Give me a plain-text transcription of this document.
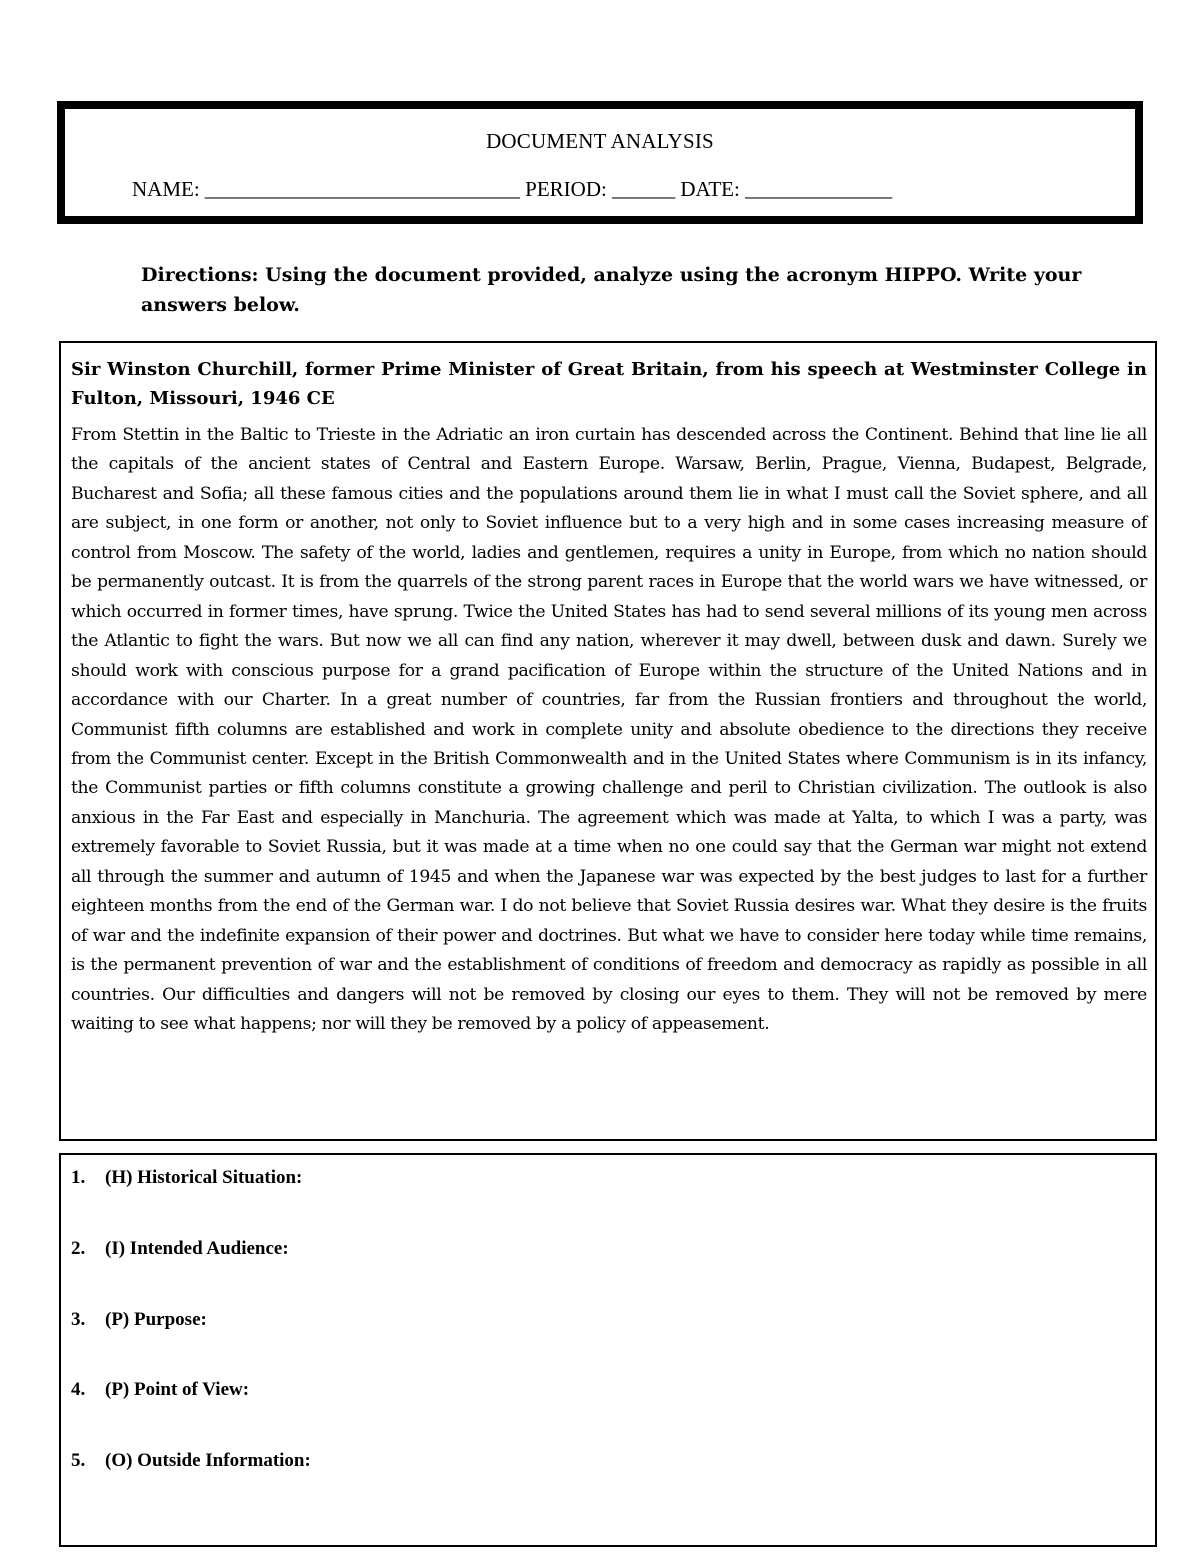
DOCUMENT ANALYSIS
NAME: ______________________________ PERIOD: ______ DATE: ______________
Directions: Using the document provided, analyze using the acronym HIPPO. Write your answers below.

Sir Winston Churchill, former Prime Minister of Great Britain, from his speech at Westminster College in Fulton, Missouri, 1946 CE

From Stettin in the Baltic to Trieste in the Adriatic an iron curtain has descended across the Continent. Behind that line lie all the capitals of the ancient states of Central and Eastern Europe. Warsaw, Berlin, Prague, Vienna, Budapest, Belgrade, Bucharest and Sofia; all these famous cities and the populations around them lie in what I must call the Soviet sphere, and all are subject, in one form or another, not only to Soviet influence but to a very high and in some cases increasing measure of control from Moscow. The safety of the world, ladies and gentlemen, requires a unity in Europe, from which no nation should be permanently outcast. It is from the quarrels of the strong parent races in Europe that the world wars we have witnessed, or which occurred in former times, have sprung. Twice the United States has had to send several millions of its young men across the Atlantic to fight the wars. But now we all can find any nation, wherever it may dwell, between dusk and dawn. Surely we should work with conscious purpose for a grand pacification of Europe within the structure of the United Nations and in accordance with our Charter. In a great number of countries, far from the Russian frontiers and throughout the world, Communist fifth columns are established and work in complete unity and absolute obedience to the directions they receive from the Communist center. Except in the British Commonwealth and in the United States where Communism is in its infancy, the Communist parties or fifth columns constitute a growing challenge and peril to Christian civilization. The outlook is also anxious in the Far East and especially in Manchuria. The agreement which was made at Yalta, to which I was a party, was extremely favorable to Soviet Russia, but it was made at a time when no one could say that the German war might not extend all through the summer and autumn of 1945 and when the Japanese war was expected by the best judges to last for a further eighteen months from the end of the German war. I do not believe that Soviet Russia desires war. What they desire is the fruits of war and the indefinite expansion of their power and doctrines. But what we have to consider here today while time remains, is the permanent prevention of war and the establishment of conditions of freedom and democracy as rapidly as possible in all countries. Our difficulties and dangers will not be removed by closing our eyes to them. They will not be removed by mere waiting to see what happens; nor will they be removed by a policy of appeasement.

1. (H) Historical Situation:
2. (I) Intended Audience:
3. (P) Purpose:
4. (P) Point of View:
5. (O) Outside Information:
